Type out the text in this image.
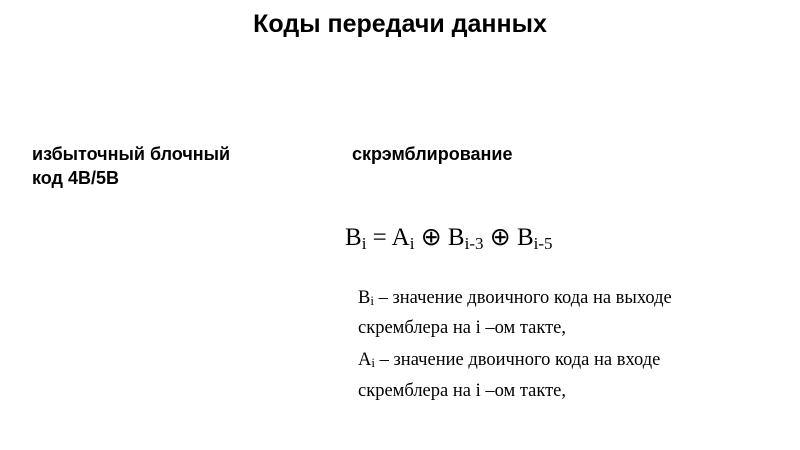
Коды передачи данных
избыточный блочный
код 4B/5B
скрэмблирование
$B_i = A_i$ ⊕ $B_{i-3}$ ⊕ $B_{i-5}$
$B_i$ – значение двоичного кода на выходе
скремблера на i –ом такте,
$A_i$ – значение двоичного кода на входе
скремблера на i –ом такте,
